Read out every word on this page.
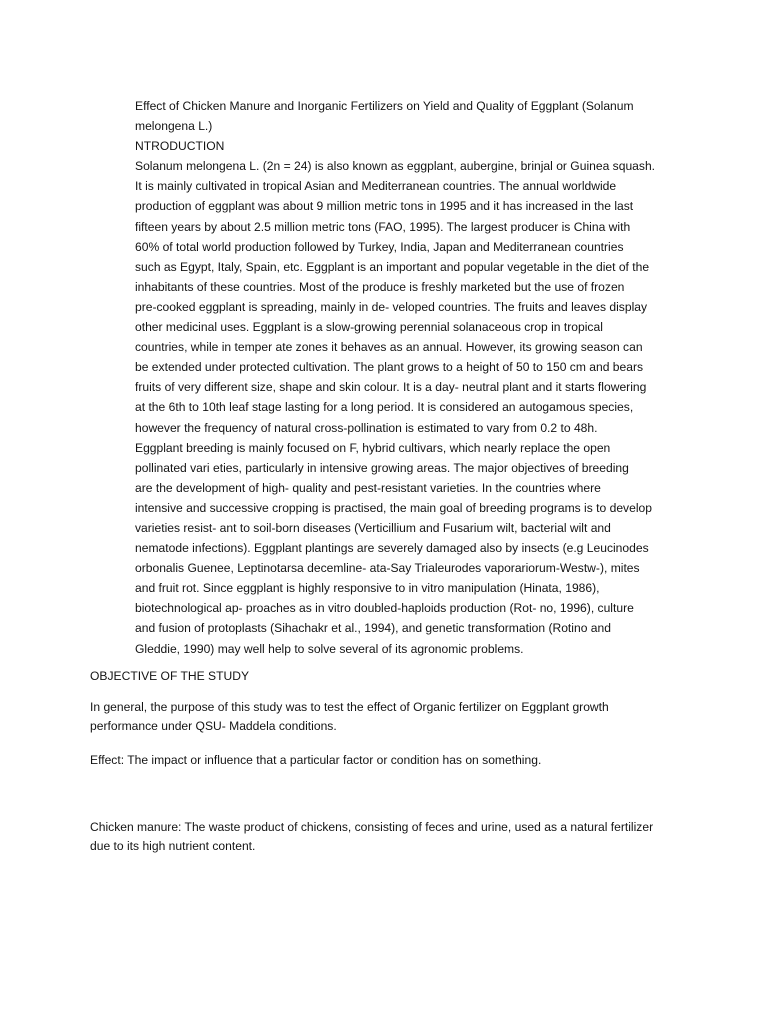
Effect of Chicken Manure and Inorganic Fertilizers on Yield and Quality of Eggplant (Solanum
melongena L.)
NTRODUCTION
Solanum melongena L. (2n = 24) is also known as eggplant, aubergine, brinjal or Guinea squash.
It is mainly cultivated in tropical Asian and Mediterranean countries. The annual worldwide
production of eggplant was about 9 million metric tons in 1995 and it has increased in the last
fifteen years by about 2.5 million metric tons (FAO, 1995). The largest producer is China with
60% of total world production followed by Turkey, India, Japan and Mediterranean countries
such as Egypt, Italy, Spain, etc. Eggplant is an important and popular vegetable in the diet of the
inhabitants of these countries. Most of the produce is freshly marketed but the use of frozen
pre-cooked eggplant is spreading, mainly in de- veloped countries. The fruits and leaves display
other medicinal uses. Eggplant is a slow-growing perennial solanaceous crop in tropical
countries, while in temper ate zones it behaves as an annual. However, its growing season can
be extended under protected cultivation. The plant grows to a height of 50 to 150 cm and bears
fruits of very different size, shape and skin colour. It is a day- neutral plant and it starts flowering
at the 6th to 10th leaf stage lasting for a long period. It is considered an autogamous species,
however the frequency of natural cross-pollination is estimated to vary from 0.2 to 48h.
Eggplant breeding is mainly focused on F, hybrid cultivars, which nearly replace the open
pollinated vari eties, particularly in intensive growing areas. The major objectives of breeding
are the development of high- quality and pest-resistant varieties. In the countries where
intensive and successive cropping is practised, the main goal of breeding programs is to develop
varieties resist- ant to soil-born diseases (Verticillium and Fusarium wilt, bacterial wilt and
nematode infections). Eggplant plantings are severely damaged also by insects (e.g Leucinodes
orbonalis Guenee, Leptinotarsa decemline- ata-Say Trialeurodes vaporariorum-Westw-), mites
and fruit rot. Since eggplant is highly responsive to in vitro manipulation (Hinata, 1986),
biotechnological ap- proaches as in vitro doubled-haploids production (Rot- no, 1996), culture
and fusion of protoplasts (Sihachakr et al., 1994), and genetic transformation (Rotino and
Gleddie, 1990) may well help to solve several of its agronomic problems.
OBJECTIVE OF THE STUDY
In general, the purpose of this study was to test the effect of Organic fertilizer on Eggplant growth
performance under QSU- Maddela conditions.
Effect: The impact or influence that a particular factor or condition has on something.
Chicken manure: The waste product of chickens, consisting of feces and urine, used as a natural fertilizer
due to its high nutrient content.
